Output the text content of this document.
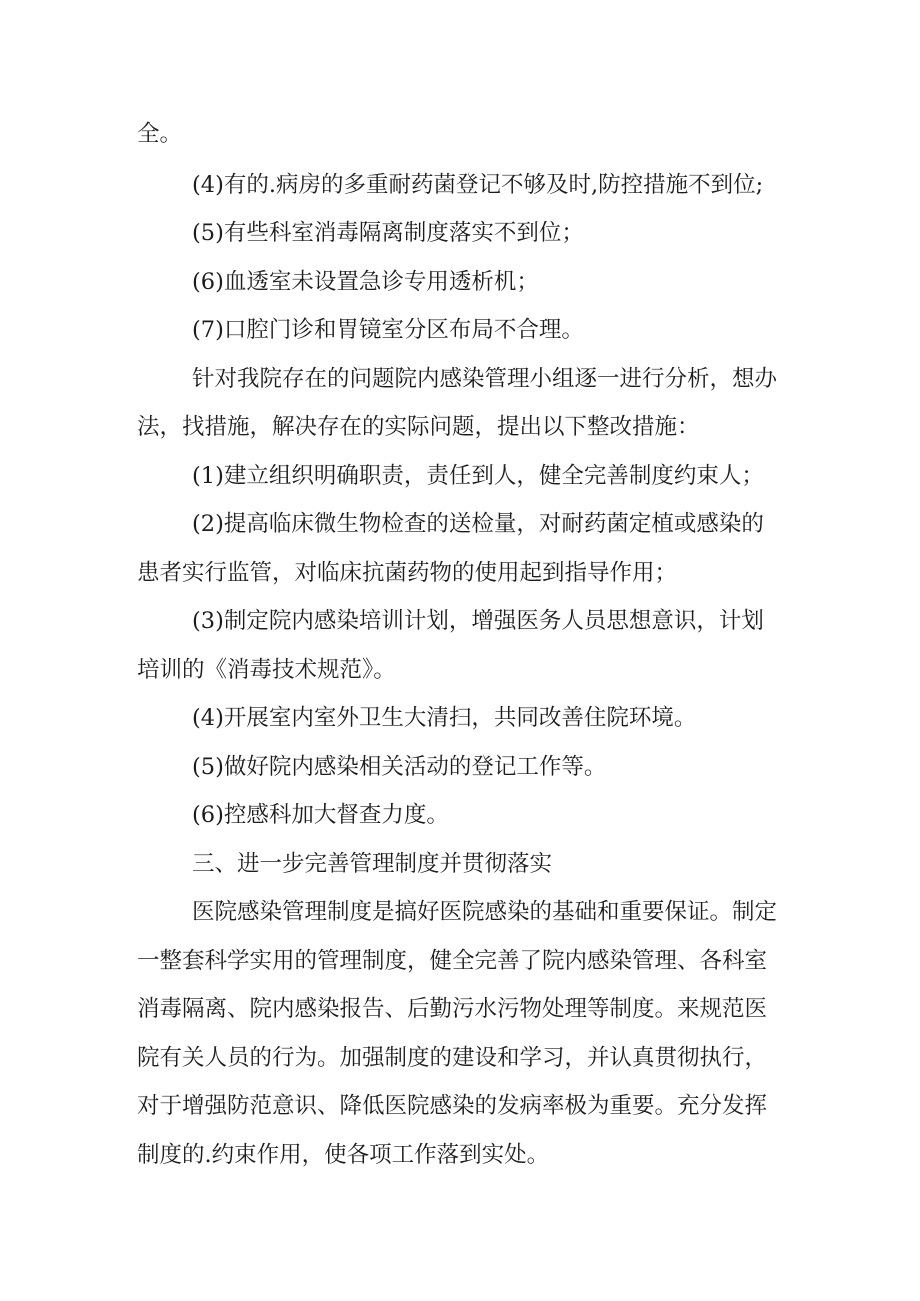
全。
(4)有的.病房的多重耐药菌登记不够及时,防控措施不到位;
(5)有些科室消毒隔离制度落实不到位；
(6)血透室未设置急诊专用透析机；
(7)口腔门诊和胃镜室分区布局不合理。
针对我院存在的问题院内感染管理小组逐一进行分析，想办
法，找措施，解决存在的实际问题，提出以下整改措施：
(1)建立组织明确职责，责任到人，健全完善制度约束人；
(2)提高临床微生物检查的送检量，对耐药菌定植或感染的
患者实行监管，对临床抗菌药物的使用起到指导作用；
(3)制定院内感染培训计划，增强医务人员思想意识，计划
培训的《消毒技术规范》。
(4)开展室内室外卫生大清扫，共同改善住院环境。
(5)做好院内感染相关活动的登记工作等。
(6)控感科加大督查力度。
三、进一步完善管理制度并贯彻落实
医院感染管理制度是搞好医院感染的基础和重要保证。制定
一整套科学实用的管理制度，健全完善了院内感染管理、各科室
消毒隔离、院内感染报告、后勤污水污物处理等制度。来规范医
院有关人员的行为。加强制度的建设和学习，并认真贯彻执行，
对于增强防范意识、降低医院感染的发病率极为重要。充分发挥
制度的.约束作用，使各项工作落到实处。
